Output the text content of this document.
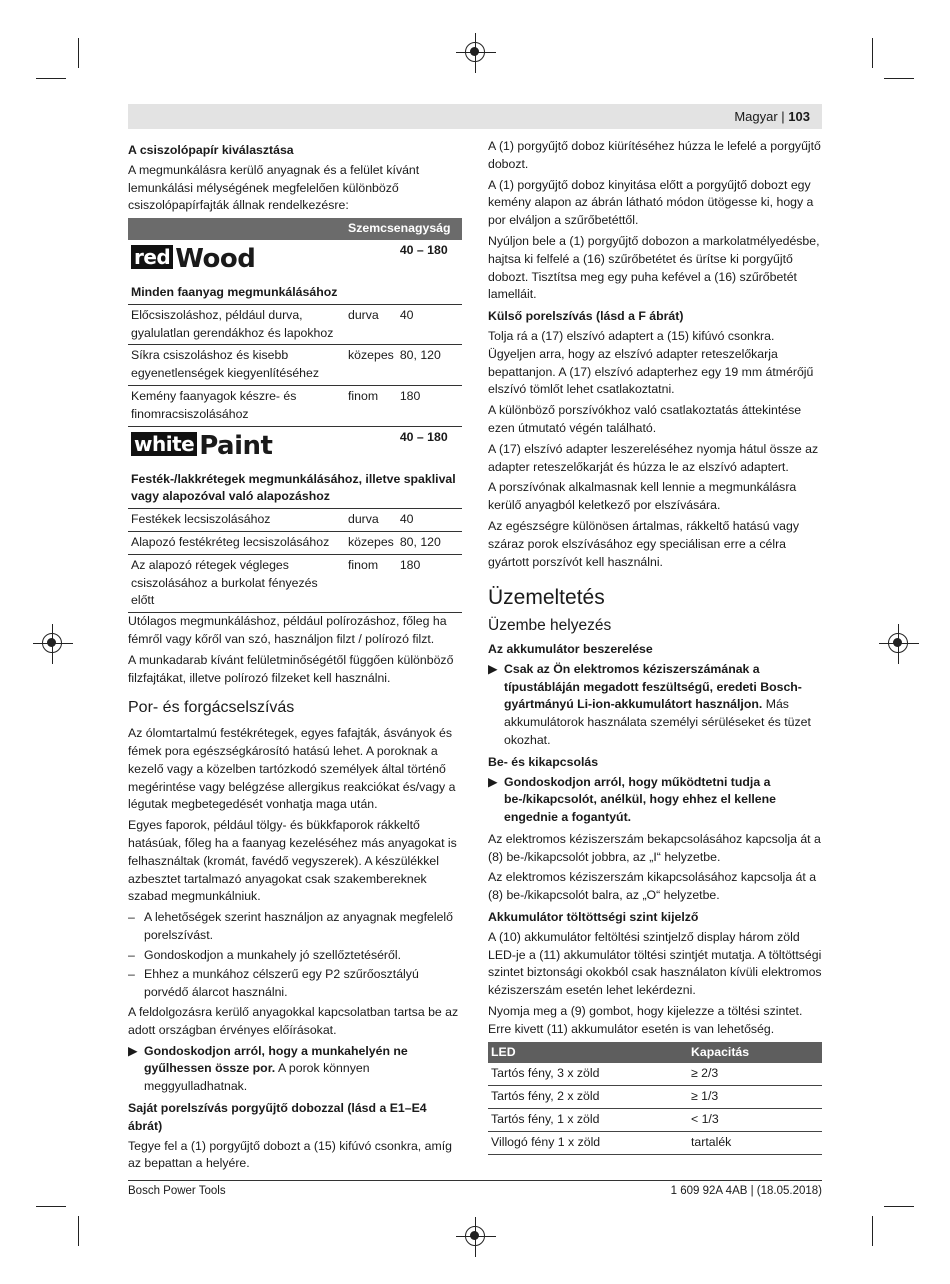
Magyar | 103
A csiszolópapír kiválasztása

A megmunkálásra kerülő anyagnak és a felület kívánt lemunkálási mélységének megfelelően különböző csiszolópapírfajták állnak rendelkezésre:

	Szemcsenagyság	
red Wood		40 – 180
Minden faanyag megmunkálásához		
Előcsiszoláshoz, például durva, gyalulatlan gerendákhoz és lapokhoz	durva	40
Síkra csiszoláshoz és kisebb egyenetlenségek kiegyenlítéséhez	közepes	80, 120
Kemény faanyagok készre- és finomracsiszolásához	finom	180
white Paint		40 – 180
Festék-/lakkrétegek megmunkálásához, illetve spaklival vagy alapozóval való alapozáshoz		
Festékek lecsiszolásához	durva	40
Alapozó festékréteg lecsiszolásához	közepes	80, 120
Az alapozó rétegek végleges csiszolásához a burkolat fényezés előtt	finom	180

Utólagos megmunkáláshoz, például polírozáshoz, főleg ha fémről vagy kőről van szó, használjon filzt / polírozó filzt.

A munkadarab kívánt felületminőségétől függően különböző filzfajtákat, illetve polírozó filzeket kell használni.

Por- és forgácselszívás

Az ólomtartalmú festékrétegek, egyes fafajták, ásványok és fémek pora egészségkárosító hatású lehet. A poroknak a kezelő vagy a közelben tartózkodó személyek által történő megérintése vagy belégzése allergikus reakciókat és/vagy a légutak megbetegedését vonhatja maga után.

Egyes faporok, például tölgy- és bükkfaporok rákkeltő hatásúak, főleg ha a faanyag kezeléséhez más anyagokat is felhasználtak (kromát, favédő vegyszerek). A készülékkel azbesztet tartalmazó anyagokat csak szakembereknek szabad megmunkálniuk.

– A lehetőségek szerint használjon az anyagnak megfelelő porelszívást.
– Gondoskodjon a munkahely jó szellőztetéséről.
– Ehhez a munkához célszerű egy P2 szűrőosztályú porvédő álarcot használni.

A feldolgozásra kerülő anyagokkal kapcsolatban tartsa be az adott országban érvényes előírásokat.

▶ Gondoskodjon arról, hogy a munkahelyén ne gyűlhessen össze por. A porok könnyen meggyulladhatnak.
Saját porelszívás porgyűjtő dobozzal (lásd a E1–E4 ábrát)

Tegye fel a (1) porgyűjtő dobozt a (15) kifúvó csonkra, amíg az bepattan a helyére.

A (1) porgyűjtő doboz kiürítéséhez húzza le lefelé a porgyűjtő dobozt.

A (1) porgyűjtő doboz kinyitása előtt a porgyűjtő dobozt egy kemény alapon az ábrán látható módon ütögesse ki, hogy a por elváljon a szűrőbetéttől.

Nyúljon bele a (1) porgyűjtő dobozon a markolatmélyedésbe, hajtsa ki felfelé a (16) szűrőbetétet és ürítse ki porgyűjtő dobozt. Tisztítsa meg egy puha kefével a (16) szűrőbetét lamelláit.

Külső porelszívás (lásd a F ábrát)

Tolja rá a (17) elszívó adaptert a (15) kifúvó csonkra. Ügyeljen arra, hogy az elszívó adapter reteszelőkarja bepattanjon. A (17) elszívó adapterhez egy 19 mm átmérőjű elszívó tömlőt lehet csatlakoztatni.

A különböző porszívókhoz való csatlakoztatás áttekintése ezen útmutató végén található.

A (17) elszívó adapter leszereléséhez nyomja hátul össze az adapter reteszelőkarját és húzza le az elszívó adaptert.

A porszívónak alkalmasnak kell lennie a megmunkálásra kerülő anyagból keletkező por elszívására.

Az egészségre különösen ártalmas, rákkeltő hatású vagy száraz porok elszívásához egy speciálisan erre a célra gyártott porszívót kell használni.

Üzemeltetés
Üzembe helyezés
Az akkumulátor beszerelése
▶ Csak az Ön elektromos kéziszerszámának a típustábláján megadott feszültségű, eredeti Bosch-gyártmányú Li-ion-akkumulátort használjon. Más akkumulátorok használata személyi sérüléseket és tüzet okozhat.
Be- és kikapcsolás
▶ Gondoskodjon arról, hogy működtetni tudja a be-/kikapcsolót, anélkül, hogy ehhez el kellene engednie a fogantyút.

Az elektromos kéziszerszám bekapcsolásához kapcsolja át a (8) be-/kikapcsolót jobbra, az „I“ helyzetbe.

Az elektromos kéziszerszám kikapcsolásához kapcsolja át a (8) be-/kikapcsolót balra, az „O“ helyzetbe.

Akkumulátor töltöttségi szint kijelző

A (10) akkumulátor feltöltési szintjelző display három zöld LED-je a (11) akkumulátor töltési szintjét mutatja. A töltöttségi szintet biztonsági okokból csak használaton kívüli elektromos kéziszerszám esetén lehet lekérdezni.

Nyomja meg a (9) gombot, hogy kijelezze a töltési szintet. Erre kivett (11) akkumulátor esetén is van lehetőség.

LED	Kapacitás
Tartós fény, 3 x zöld	≥ 2/3
Tartós fény, 2 x zöld	≥ 1/3
Tartós fény, 1 x zöld	< 1/3
Villogó fény 1 x zöld	tartalék
Bosch Power Tools	1 609 92A 4AB | (18.05.2018)
